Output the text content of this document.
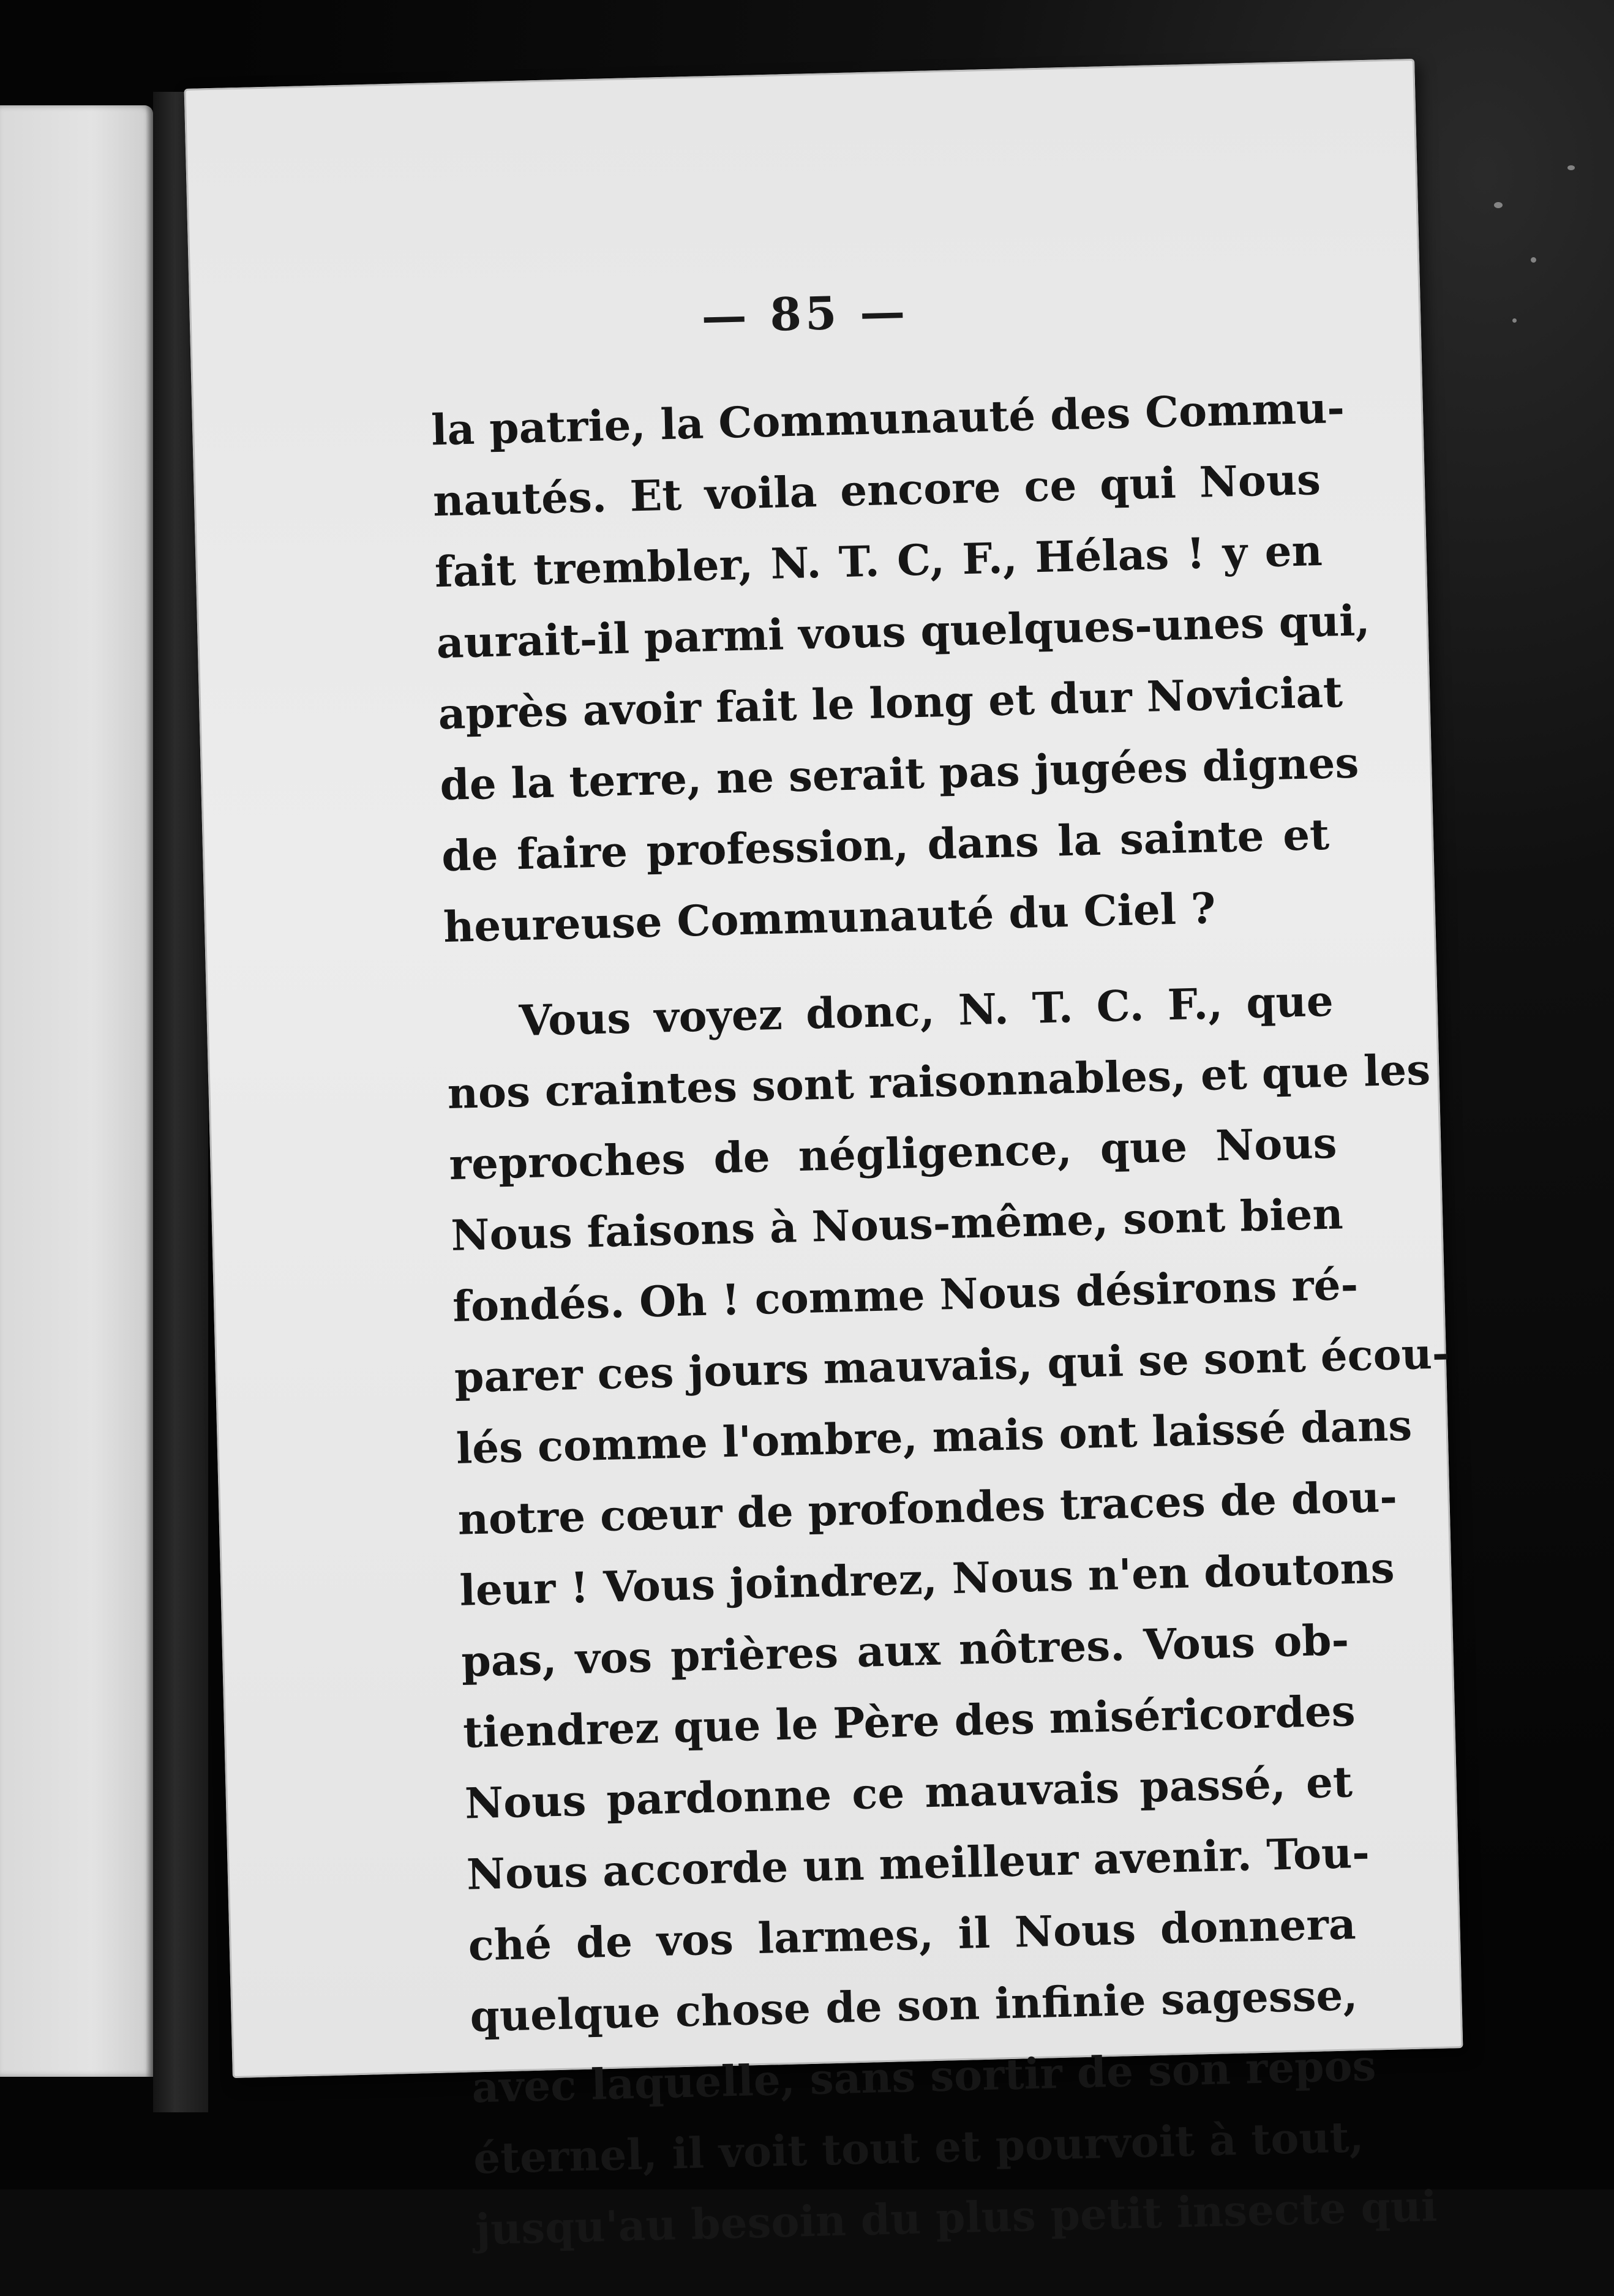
— 85 —

la patrie, la Communauté des Commu-
nautés. Et voila encore ce qui Nous
fait trembler, N. T. C, F., Hélas ! y en
aurait-il parmi vous quelques-unes qui,
après avoir fait le long et dur Noviciat
de la terre, ne serait pas jugées dignes
de faire profession, dans la sainte et
heureuse Communauté du Ciel ?

Vous voyez donc, N. T. C. F., que
nos craintes sont raisonnables, et que les
reproches de négligence, que Nous
Nous faisons à Nous-même, sont bien
fondés. Oh ! comme Nous désirons ré-
parer ces jours mauvais, qui se sont écou-
lés comme l'ombre, mais ont laissé dans
notre cœur de profondes traces de dou-
leur ! Vous joindrez, Nous n'en doutons
pas, vos prières aux nôtres. Vous ob-
tiendrez que le Père des miséricordes
Nous pardonne ce mauvais passé, et
Nous accorde un meilleur avenir. Tou-
ché de vos larmes, il Nous donnera
quelque chose de son infinie sagesse,
avec laquelle, sans sortir de son repos
éternel, il voit tout et pourvoit à tout,
jusqu'au besoin du plus petit insecte qui
